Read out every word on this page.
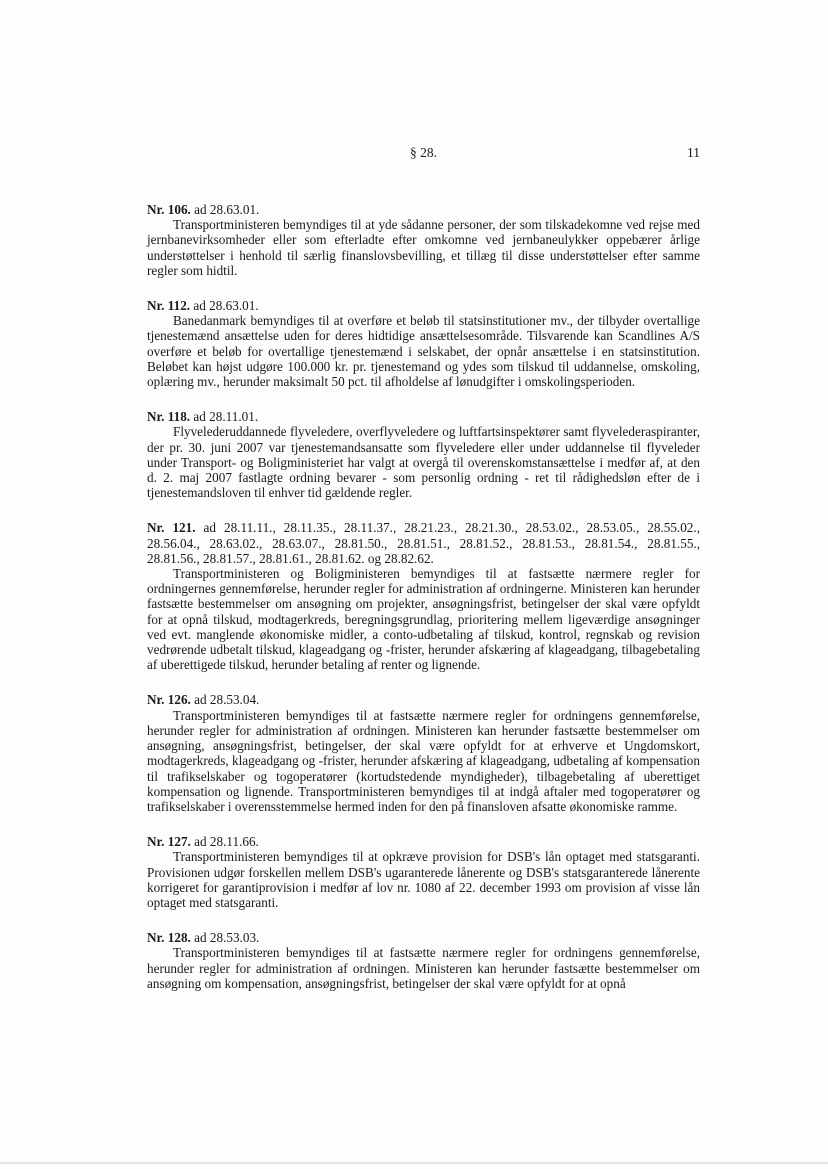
§ 28.	11
Nr. 106. ad 28.63.01.

Transportministeren bemyndiges til at yde sådanne personer, der som tilskadekomne ved rejse med jernbanevirksomheder eller som efterladte efter omkomne ved jernbaneulykker oppebærer årlige understøttelser i henhold til særlig finanslovsbevilling, et tillæg til disse understøttelser efter samme regler som hidtil.

Nr. 112. ad 28.63.01.

Banedanmark bemyndiges til at overføre et beløb til statsinstitutioner mv., der tilbyder overtallige tjenestemænd ansættelse uden for deres hidtidige ansættelsesområde. Tilsvarende kan Scandlines A/S overføre et beløb for overtallige tjenestemænd i selskabet, der opnår ansættelse i en statsinstitution. Beløbet kan højst udgøre 100.000 kr. pr. tjenestemand og ydes som tilskud til uddannelse, omskoling, oplæring mv., herunder maksimalt 50 pct. til afholdelse af lønudgifter i omskolingsperioden.

Nr. 118. ad 28.11.01.

Flyvelederuddannede flyveledere, overflyveledere og luftfartsinspektører samt flyvelederaspiranter, der pr. 30. juni 2007 var tjenestemandsansatte som flyveledere eller under uddannelse til flyveleder under Transport- og Boligministeriet har valgt at overgå til overenskomstansættelse i medfør af, at den d. 2. maj 2007 fastlagte ordning bevarer - som personlig ordning - ret til rådighedsløn efter de i tjenestemandsloven til enhver tid gældende regler.

Nr. 121. ad 28.11.11., 28.11.35., 28.11.37., 28.21.23., 28.21.30., 28.53.02., 28.53.05., 28.55.02., 28.56.04., 28.63.02., 28.63.07., 28.81.50., 28.81.51., 28.81.52., 28.81.53., 28.81.54., 28.81.55., 28.81.56., 28.81.57., 28.81.61., 28.81.62. og 28.82.62.

Transportministeren og Boligministeren bemyndiges til at fastsætte nærmere regler for ordningernes gennemførelse, herunder regler for administration af ordningerne. Ministeren kan herunder fastsætte bestemmelser om ansøgning om projekter, ansøgningsfrist, betingelser der skal være opfyldt for at opnå tilskud, modtagerkreds, beregningsgrundlag, prioritering mellem ligeværdige ansøgninger ved evt. manglende økonomiske midler, a conto-udbetaling af tilskud, kontrol, regnskab og revision vedrørende udbetalt tilskud, klageadgang og -frister, herunder afskæring af klageadgang, tilbagebetaling af uberettigede tilskud, herunder betaling af renter og lignende.

Nr. 126. ad 28.53.04.

Transportministeren bemyndiges til at fastsætte nærmere regler for ordningens gennemførelse, herunder regler for administration af ordningen. Ministeren kan herunder fastsætte bestemmelser om ansøgning, ansøgningsfrist, betingelser, der skal være opfyldt for at erhverve et Ungdomskort, modtagerkreds, klageadgang og -frister, herunder afskæring af klageadgang, udbetaling af kompensation til trafikselskaber og togoperatører (kortudstedende myndigheder), tilbagebetaling af uberettiget kompensation og lignende. Transportministeren bemyndiges til at indgå aftaler med togoperatører og trafikselskaber i overensstemmelse hermed inden for den på finansloven afsatte økonomiske ramme.

Nr. 127. ad 28.11.66.

Transportministeren bemyndiges til at opkræve provision for DSB's lån optaget med statsgaranti. Provisionen udgør forskellen mellem DSB's ugaranterede lånerente og DSB's statsgaranterede lånerente korrigeret for garantiprovision i medfør af lov nr. 1080 af 22. december 1993 om provision af visse lån optaget med statsgaranti.

Nr. 128. ad 28.53.03.

Transportministeren bemyndiges til at fastsætte nærmere regler for ordningens gennemførelse, herunder regler for administration af ordningen. Ministeren kan herunder fastsætte bestemmelser om ansøgning om kompensation, ansøgningsfrist, betingelser der skal være opfyldt for at opnå
